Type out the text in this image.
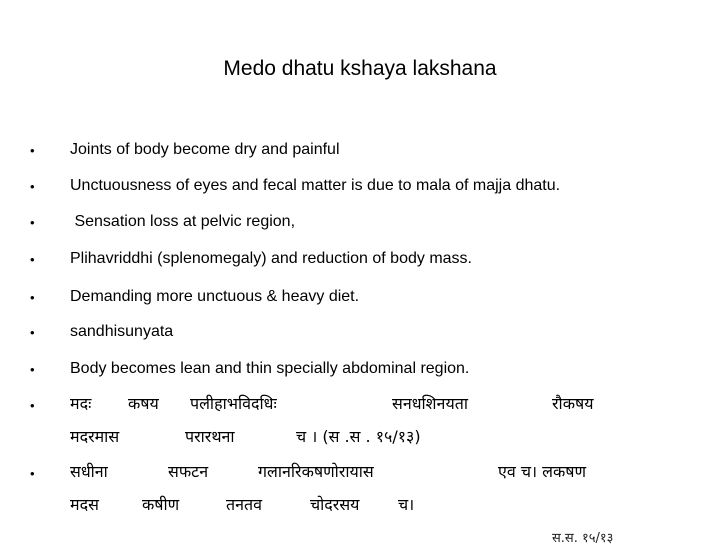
Medo dhatu kshaya lakshana
• Joints of body become dry and painful
• Unctuousness of eyes and fecal matter is due to mala of majja dhatu.
• Sensation loss at pelvic region,
• Plihavriddhi (splenomegaly) and reduction of body mass.
• Demanding more unctuous & heavy diet.
• sandhisunyata
• Body becomes lean and thin specially abdominal region.
• मदः कषय पलीहाभविदधिः	सनधशिनयता	रौकषय
मदरमास	परारथना	च । (स .स . १५/१३)
• सधीना	सफटन	गलानरिकषणोरायास	एव च। लकषण
मदस	कषीण	तनतव	चोदरसय च।
स.स. १५/१३
